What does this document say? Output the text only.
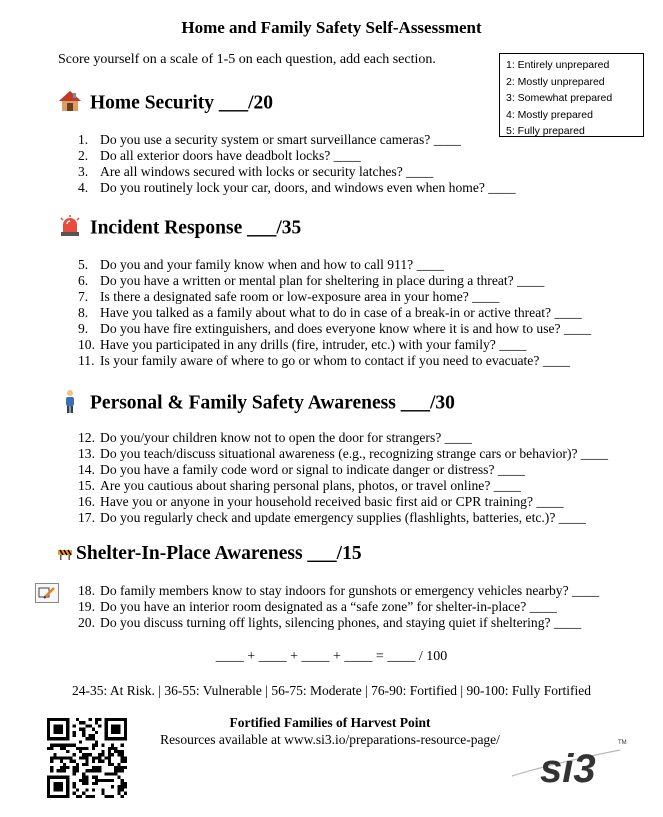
Home and Family Safety Self-Assessment
Score yourself on a scale of 1-5 on each question, add each section.	1: Entirely unprepared
2: Mostly unprepared
3: Somewhat prepared
4: Mostly prepared
5: Fully prepared
Home Security ___/20
1. Do you use a security system or smart surveillance cameras? ____
2. Do all exterior doors have deadbolt locks? ____
3. Are all windows secured with locks or security latches? ____
4. Do you routinely lock your car, doors, and windows even when home? ____
Incident Response ___/35
5. Do you and your family know when and how to call 911? ____
6. Do you have a written or mental plan for sheltering in place during a threat? ____
7. Is there a designated safe room or low-exposure area in your home? ____
8. Have you talked as a family about what to do in case of a break-in or active threat? ____
9. Do you have fire extinguishers, and does everyone know where it is and how to use? ____
10. Have you participated in any drills (fire, intruder, etc.) with your family? ____
11. Is your family aware of where to go or whom to contact if you need to evacuate? ____
Personal & Family Safety Awareness ___/30
12. Do you/your children know not to open the door for strangers? ____
13. Do you teach/discuss situational awareness (e.g., recognizing strange cars or behavior)? ____
14. Do you have a family code word or signal to indicate danger or distress? ____
15. Are you cautious about sharing personal plans, photos, or travel online? ____
16. Have you or anyone in your household received basic first aid or CPR training? ____
17. Do you regularly check and update emergency supplies (flashlights, batteries, etc.)? ____
Shelter-In-Place Awareness ___/15
18. Do family members know to stay indoors for gunshots or emergency vehicles nearby? ____
19. Do you have an interior room designated as a “safe zone” for shelter-in-place? ____
20. Do you discuss turning off lights, silencing phones, and staying quiet if sheltering? ____
____ + ____ + ____ + ____ = ____ / 100
24-35: At Risk. | 36-55: Vulnerable | 56-75: Moderate | 76-90: Fortified | 90-100: Fully Fortified
Fortified Families of Harvest Point
Resources available at www.si3.io/preparations-resource-page/
si3
TM
